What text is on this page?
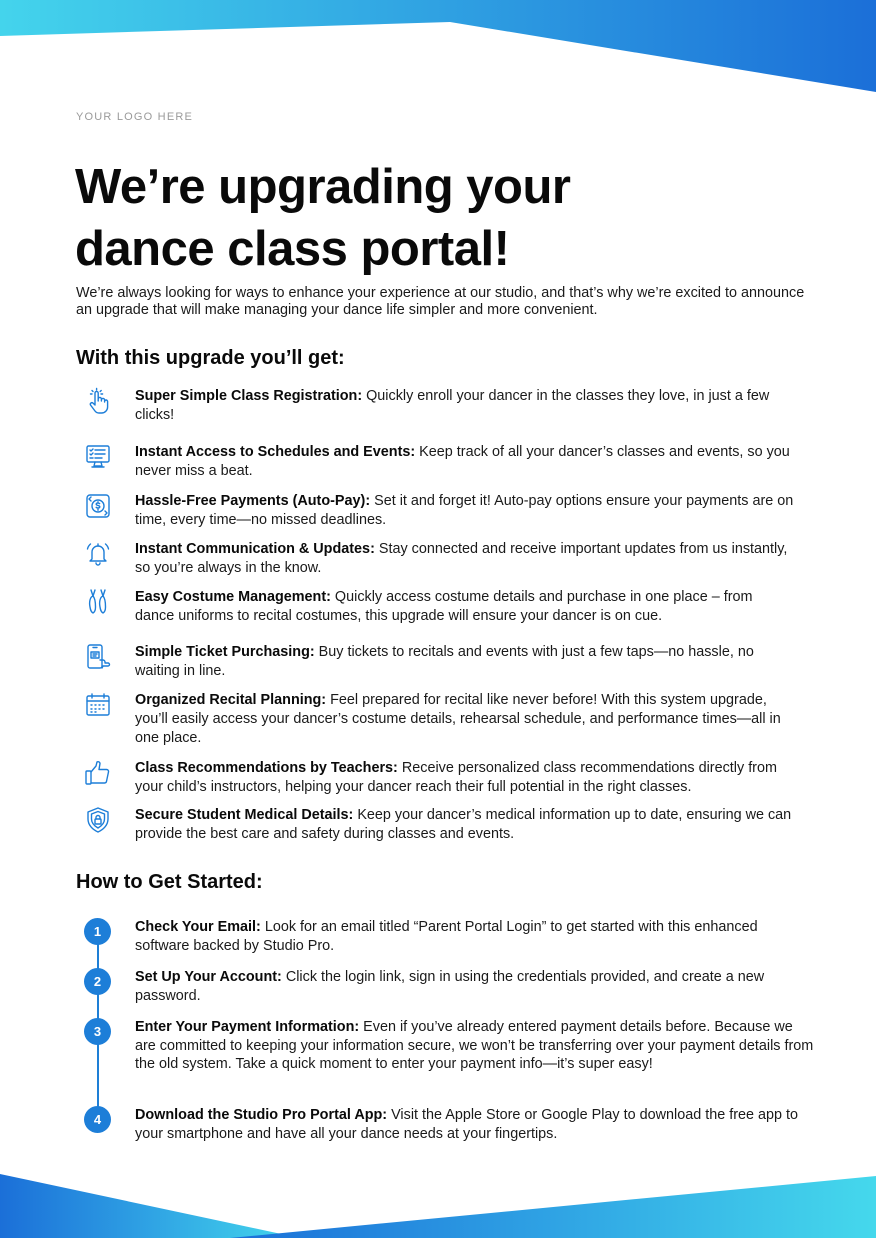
YOUR LOGO HERE
We’re upgrading your
dance class portal!

We’re always looking for ways to enhance your experience at our studio, and that’s why we’re excited to announce an upgrade that will make managing your dance life simpler and more convenient.

With this upgrade you’ll get:

Super Simple Class Registration: Quickly enroll your dancer in the classes they love, in just a few clicks!

Instant Access to Schedules and Events: Keep track of all your dancer’s classes and events, so you never miss a beat.

Hassle-Free Payments (Auto-Pay): Set it and forget it! Auto-pay options ensure your payments are on time, every time—no missed deadlines.

Instant Communication & Updates: Stay connected and receive important updates from us instantly, so you’re always in the know.

Easy Costume Management: Quickly access costume details and purchase in one place – from dance uniforms to recital costumes, this upgrade will ensure your dancer is on cue.

Simple Ticket Purchasing: Buy tickets to recitals and events with just a few taps—no hassle, no waiting in line.

Organized Recital Planning: Feel prepared for recital like never before! With this system upgrade, you’ll easily access your dancer’s costume details, rehearsal schedule, and performance times—all in one place.

Class Recommendations by Teachers: Receive personalized class recommendations directly from your child’s instructors, helping your dancer reach their full potential in the right classes.

Secure Student Medical Details: Keep your dancer’s medical information up to date, ensuring we can provide the best care and safety during classes and events.

How to Get Started:
1	Check Your Email: Look for an email titled “Parent Portal Login” to get started with this enhanced software backed by Studio Pro.

2	Set Up Your Account: Click the login link, sign in using the credentials provided, and create a new password.

3	Enter Your Payment Information: Even if you’ve already entered payment details before. Because we are committed to keeping your information secure, we won’t be transferring over your payment details from the old system. Take a quick moment to enter your payment info—it’s super easy!

4	Download the Studio Pro Portal App: Visit the Apple Store or Google Play to download the free app to your smartphone and have all your dance needs at your fingertips.
